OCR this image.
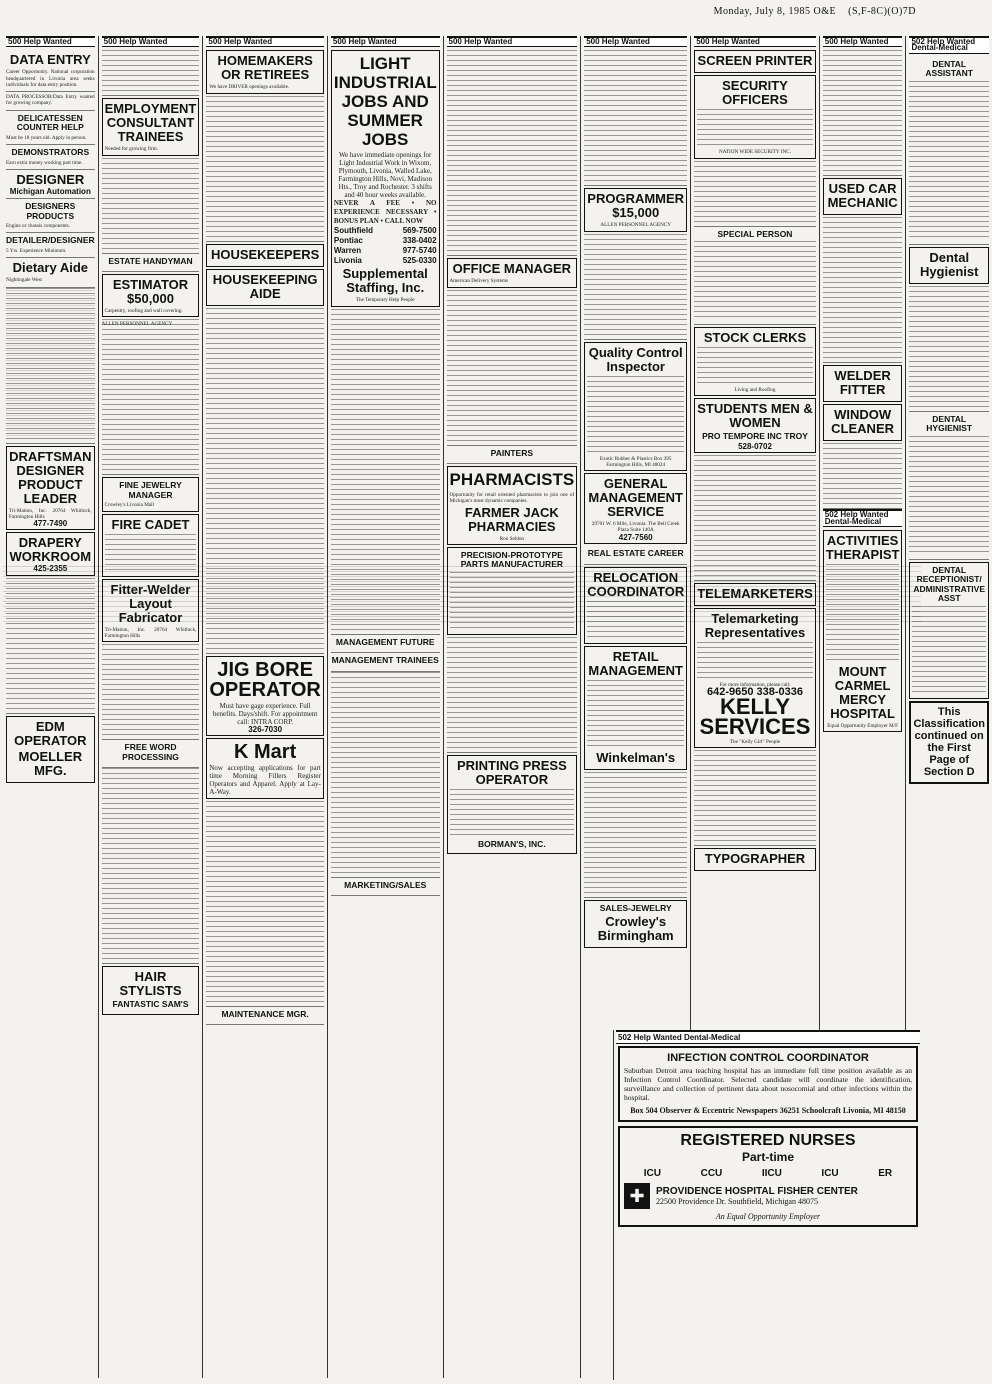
Monday, July 8, 1985 O&E (S,F-8C)(O)7D
500 Help Wanted
DATA ENTRY
Career Opportunity. National corporation headquartered in Livonia area seeks individuals for data entry position.
DATA PROCESSOR/Data Entry wanted for growing company.
DELICATESSEN COUNTER HELP
Must be 18 years old. Apply in person.
DEMONSTRATORS
Earn extra money working part time.
DESIGNER
Michigan Automation
DESIGNERS PRODUCTS
Engine or chassis components.
DETAILER/DESIGNER
5 Yrs. Experience Minimum.
Dietary Aide
Nightingale West
DRAFTSMAN DESIGNER PRODUCT LEADER
Tri-Mation, Inc. 20764 Whitlock, Farmington Hills
477-7490
DRAPERY WORKROOM
425-2355
EDM OPERATOR
MOELLER MFG.
500 Help Wanted
EMPLOYMENT CONSULTANT TRAINEES
Needed for growing firm.
ESTATE HANDYMAN
ESTIMATOR $50,000
Carpentry, roofing and wall covering.
ALLEN PERSONNEL AGENCY
FINE JEWELRY MANAGER
Crowley's Livonia Mall
FIRE CADET
Fitter-Welder Layout Fabricator
Tri-Mation, Inc. 20764 Whitlock, Farmington Hills
FREE WORD PROCESSING
HAIR STYLISTS
FANTASTIC SAM'S
500 Help Wanted
HOMEMAKERS OR RETIREES
We have DRIVER openings available.
HOUSEKEEPERS
HOUSEKEEPING AIDE
JIG BORE OPERATOR
Must have gage experience. Full benefits. Days/shift. For appointment call: INTRA CORP.
326-7030
K Mart
Now accepting applications for part time Morning Fillers Register Operators and Apparel. Apply at Lay-A-Way.
MAINTENANCE MGR.
500 Help Wanted
LIGHT INDUSTRIAL JOBS AND SUMMER JOBS
We have immediate openings for Light Industrial Work in Wixom, Plymouth, Livonia, Walled Lake, Farmington Hills, Novi, Madison Hts., Troy and Rochester. 3 shifts and 40 hour weeks available.
NEVER A FEE • NO EXPERIENCE NECESSARY • BONUS PLAN • CALL NOW
Southfield	569-7500
Pontiac	338-0402
Warren	977-5740
Livonia	525-0330
Supplemental Staffing, Inc.
The Temporary Help People
MANAGEMENT FUTURE
MANAGEMENT TRAINEES
MARKETING/SALES
500 Help Wanted
OFFICE MANAGER
American Delivery Systems
PAINTERS
PHARMACISTS
Opportunity for retail oriented pharmacists to join one of Michigan's most dynamic companies.
FARMER JACK PHARMACIES
Ron Seldon
PRECISION-PROTOTYPE PARTS MANUFACTURER
PRINTING PRESS OPERATOR
BORMAN'S, INC.
500 Help Wanted
PROGRAMMER $15,000
ALLEN PERSONNEL AGENCY
Quality Control Inspector
Exotic Rubber & Plastics Box 395 Farmington Hills, MI 48024
GENERAL MANAGEMENT SERVICE
29701 W. 6 Mile, Livonia. The Bell Creek Plaza Suite 140A
427-7560
REAL ESTATE CAREER
RELOCATION COORDINATOR
RETAIL MANAGEMENT
Winkelman's
SALES-JEWELRY
Crowley's Birmingham
500 Help Wanted
SCREEN PRINTER
SECURITY OFFICERS
NATION WIDE SECURITY INC.
SPECIAL PERSON
STOCK CLERKS
Living and Roofing
STUDENTS MEN & WOMEN
PRO TEMPORE INC TROY
528-0702
TELEMARKETERS
Telemarketing Representatives
For more information, please call:
642-9650 338-0336
KELLY SERVICES
The "Kelly Girl" People
TYPOGRAPHER
500 Help Wanted
USED CAR MECHANIC
WELDER FITTER
WINDOW CLEANER
502 Help Wanted Dental-Medical
ACTIVITIES THERAPIST
MOUNT CARMEL MERCY HOSPITAL
Equal Opportunity Employer M/F
502 Help Wanted Dental-Medical
DENTAL ASSISTANT
Dental Hygienist
DENTAL HYGIENIST
DENTAL RECEPTIONIST/ ADMINISTRATIVE ASST
This Classification continued on the First Page of Section D
502 Help Wanted Dental-Medical
INFECTION CONTROL COORDINATOR
Suburban Detroit area teaching hospital has an immediate full time position available as an Infection Control Coordinator. Selected candidate will coordinate the identification, surveillance and collection of pertinent data about nosocomial and other infections within the hospital.
Box 504 Observer & Eccentric Newspapers 36251 Schoolcraft Livonia, MI 48150
REGISTERED NURSES
Part-time
ICU	CCU	IICU	ICU	ER
✚	PROVIDENCE HOSPITAL FISHER CENTER
22500 Providence Dr. Southfield, Michigan 48075
An Equal Opportunity Employer
